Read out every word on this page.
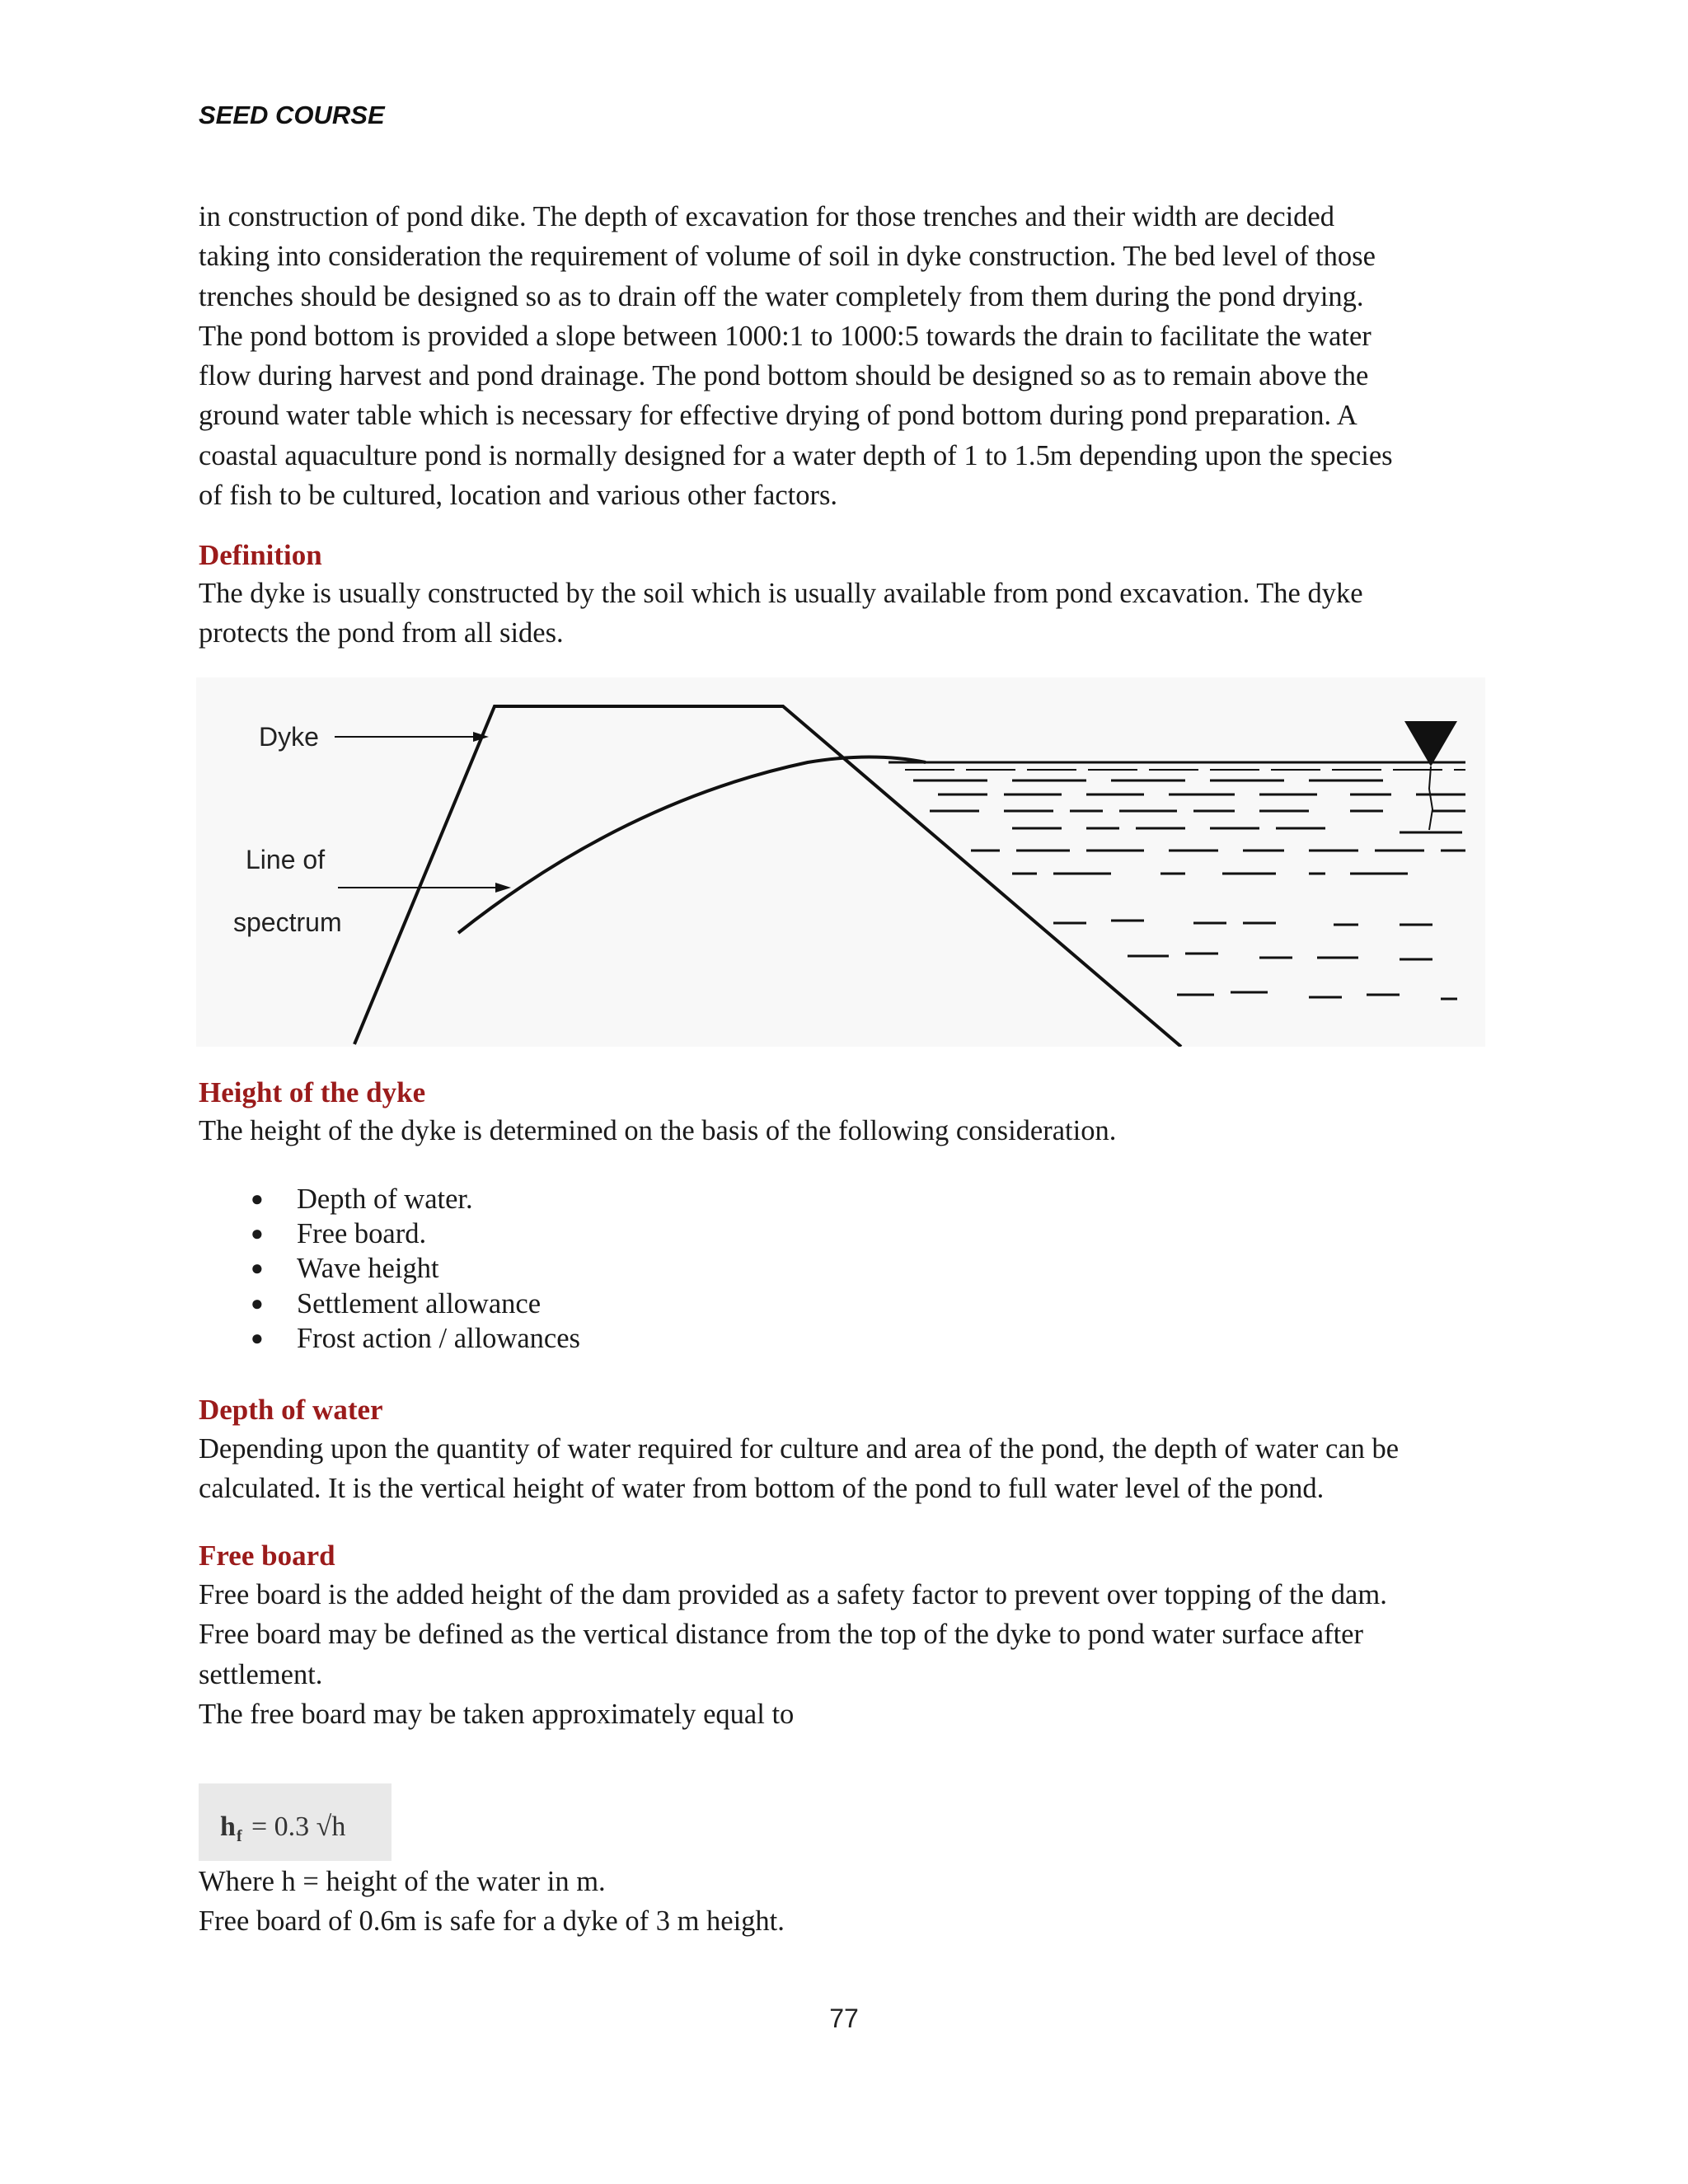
SEED COURSE
in construction of pond dike. The depth of excavation for those trenches and their width are decided
taking into consideration the requirement of volume of soil in dyke construction. The bed level of those
trenches should be designed so as to drain off the water completely from them during the pond drying.
The pond bottom is provided a slope between 1000:1 to 1000:5 towards the drain to facilitate the water
flow during harvest and pond drainage. The pond bottom should be designed so as to remain above the
ground water table which is necessary for effective drying of pond bottom during pond preparation. A
coastal aquaculture pond is normally designed for a water depth of 1 to 1.5m depending upon the species
of fish to be cultured, location and various other factors.
Definition
The dyke is usually constructed by the soil which is usually available from pond excavation. The dyke
protects the pond from all sides.
Dyke
Line of
spectrum
Height of the dyke
The height of the dyke is determined on the basis of the following consideration.
● Depth of water.
● Free board.
● Wave height
● Settlement allowance
● Frost action / allowances
Depth of water
Depending upon the quantity of water required for culture and area of the pond, the depth of water can be
calculated. It is the vertical height of water from bottom of the pond to full water level of the pond.
Free board
Free board is the added height of the dam provided as a safety factor to prevent over topping of the dam.
Free board may be defined as the vertical distance from the top of the dyke to pond water surface after
settlement.
The free board may be taken approximately equal to
h f = 0.3 √h
Where h = height of the water in m.
Free board of 0.6m is safe for a dyke of 3 m height.
77
